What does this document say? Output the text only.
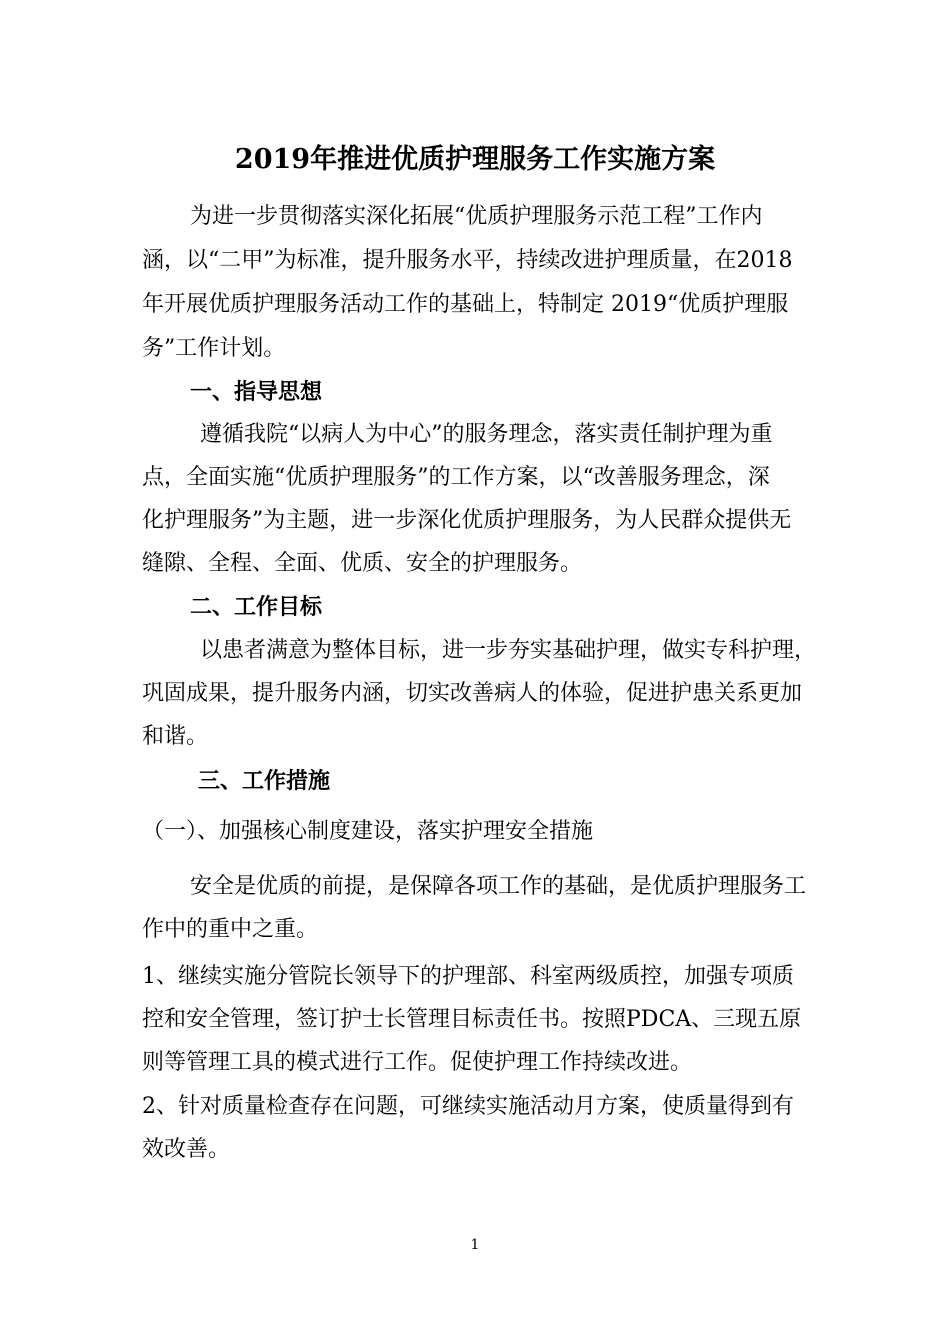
2019年推进优质护理服务工作实施方案
为进一步贯彻落实深化拓展“优质护理服务示范工程”工作内
涵，以“二甲”为标准，提升服务水平，持续改进护理质量，在2018
年开展优质护理服务活动工作的基础上，特制定 2019“优质护理服
务”工作计划。
一、指导思想
遵循我院“以病人为中心”的服务理念，落实责任制护理为重
点，全面实施“优质护理服务”的工作方案，以“改善服务理念，深
化护理服务”为主题，进一步深化优质护理服务，为人民群众提供无
缝隙、全程、全面、优质、安全的护理服务。
二、工作目标
以患者满意为整体目标，进一步夯实基础护理，做实专科护理，
巩固成果，提升服务内涵，切实改善病人的体验，促进护患关系更加
和谐。
三、工作措施
（一）、加强核心制度建设，落实护理安全措施
安全是优质的前提，是保障各项工作的基础，是优质护理服务工
作中的重中之重。
1、继续实施分管院长领导下的护理部、科室两级质控，加强专项质
控和安全管理，签订护士长管理目标责任书。按照PDCA、三现五原
则等管理工具的模式进行工作。促使护理工作持续改进。
2、针对质量检查存在问题，可继续实施活动月方案，使质量得到有
效改善。
1
